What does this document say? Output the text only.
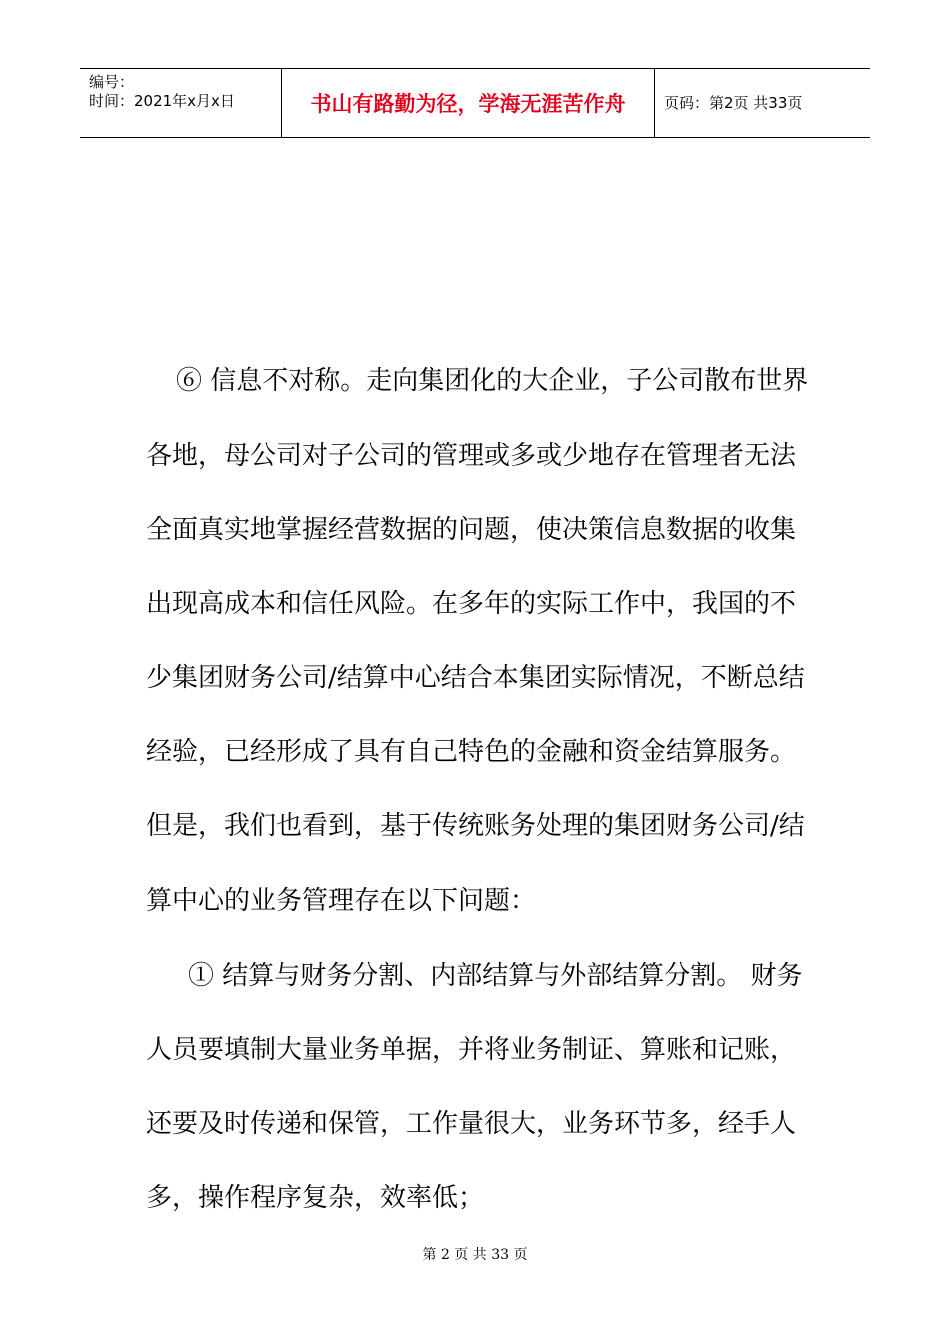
编号：
时间：2021年x月x日	书山有路勤为径，学海无涯苦作舟	页码：第2页 共33页
⑥ 信息不对称。走向集团化的大企业，子公司散布世界
各地，母公司对子公司的管理或多或少地存在管理者无法
全面真实地掌握经营数据的问题，使决策信息数据的收集
出现高成本和信任风险。在多年的实际工作中，我国的不
少集团财务公司/结算中心结合本集团实际情况，不断总结
经验，已经形成了具有自己特色的金融和资金结算服务。
但是，我们也看到，基于传统账务处理的集团财务公司/结
算中心的业务管理存在以下问题：
① 结算与财务分割、内部结算与外部结算分割。 财务
人员要填制大量业务单据，并将业务制证、算账和记账，
还要及时传递和保管，工作量很大，业务环节多，经手人
多，操作程序复杂，效率低；
第 2 页 共 33 页
